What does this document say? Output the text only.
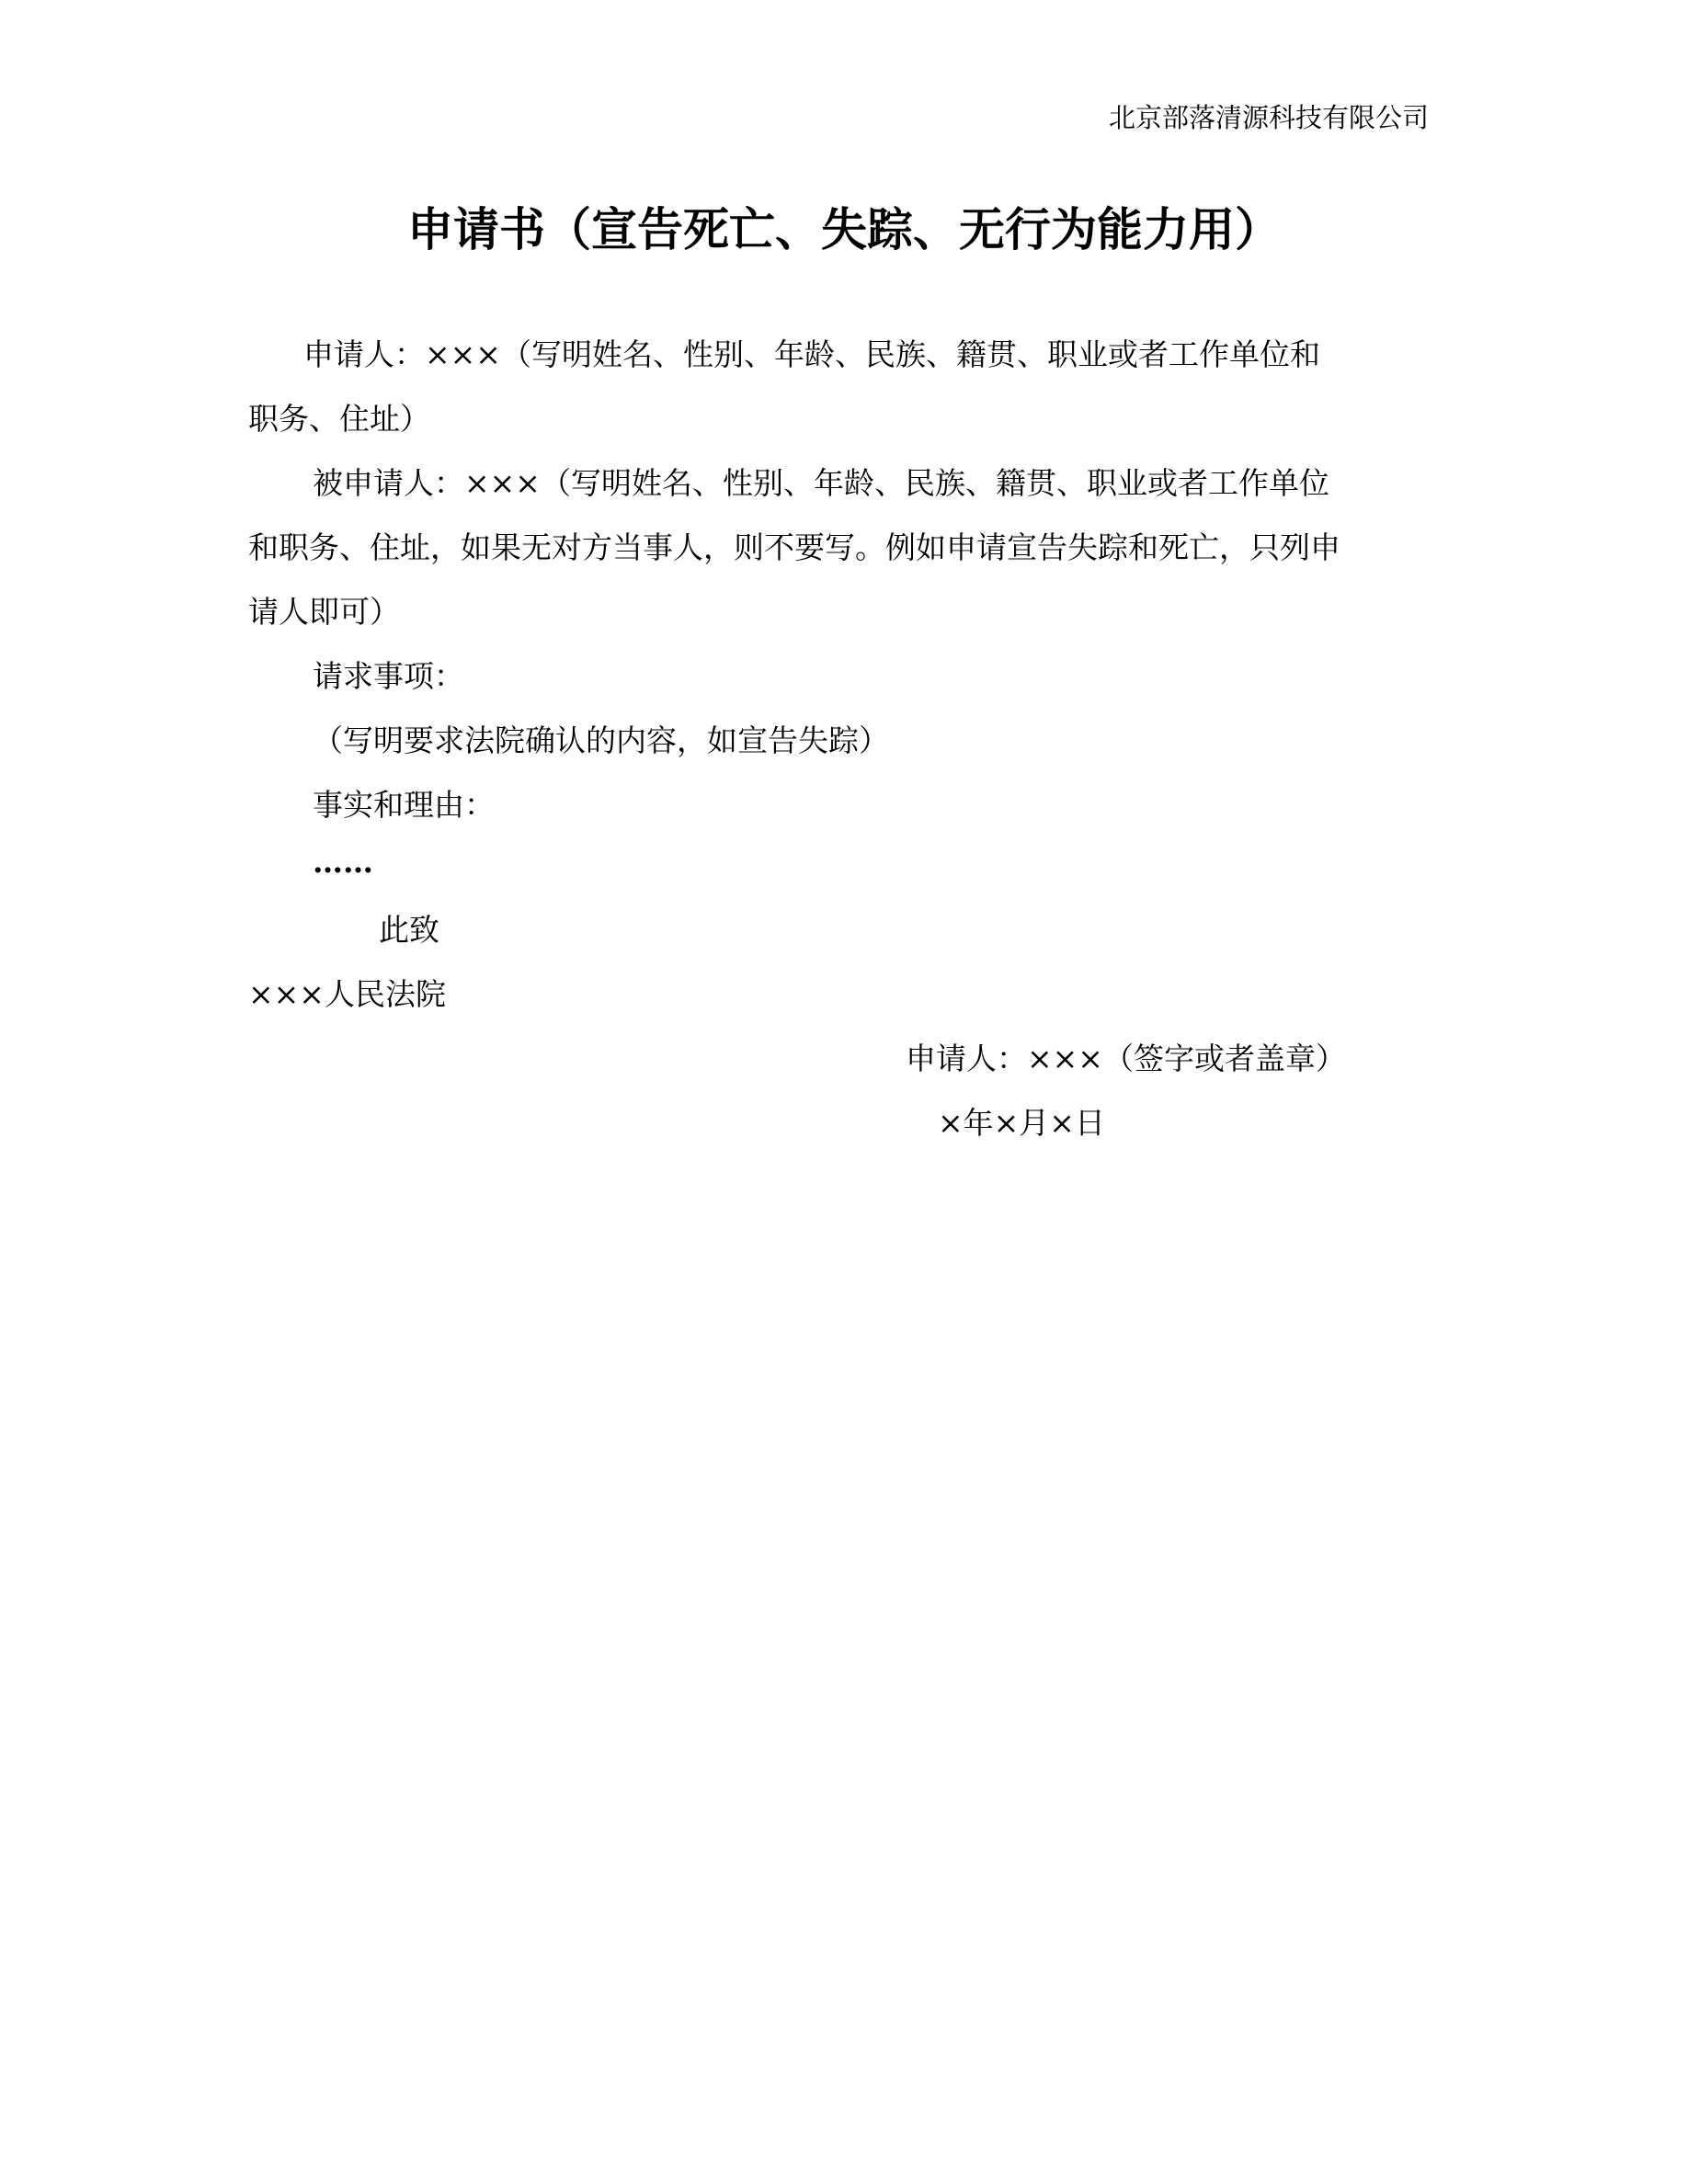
北京部落清源科技有限公司
申请书（宣告死亡、失踪、无行为能力用）
申请人：×××（写明姓名、性别、年龄、民族、籍贯、职业或者工作单位和
职务、住址）
被申请人：×××（写明姓名、性别、年龄、民族、籍贯、职业或者工作单位
和职务、住址，如果无对方当事人，则不要写。例如申请宣告失踪和死亡，只列申
请人即可）
请求事项：
（写明要求法院确认的内容，如宣告失踪）
事实和理由：
……
此致
×××人民法院
申请人：×××（签字或者盖章）
×年×月×日
